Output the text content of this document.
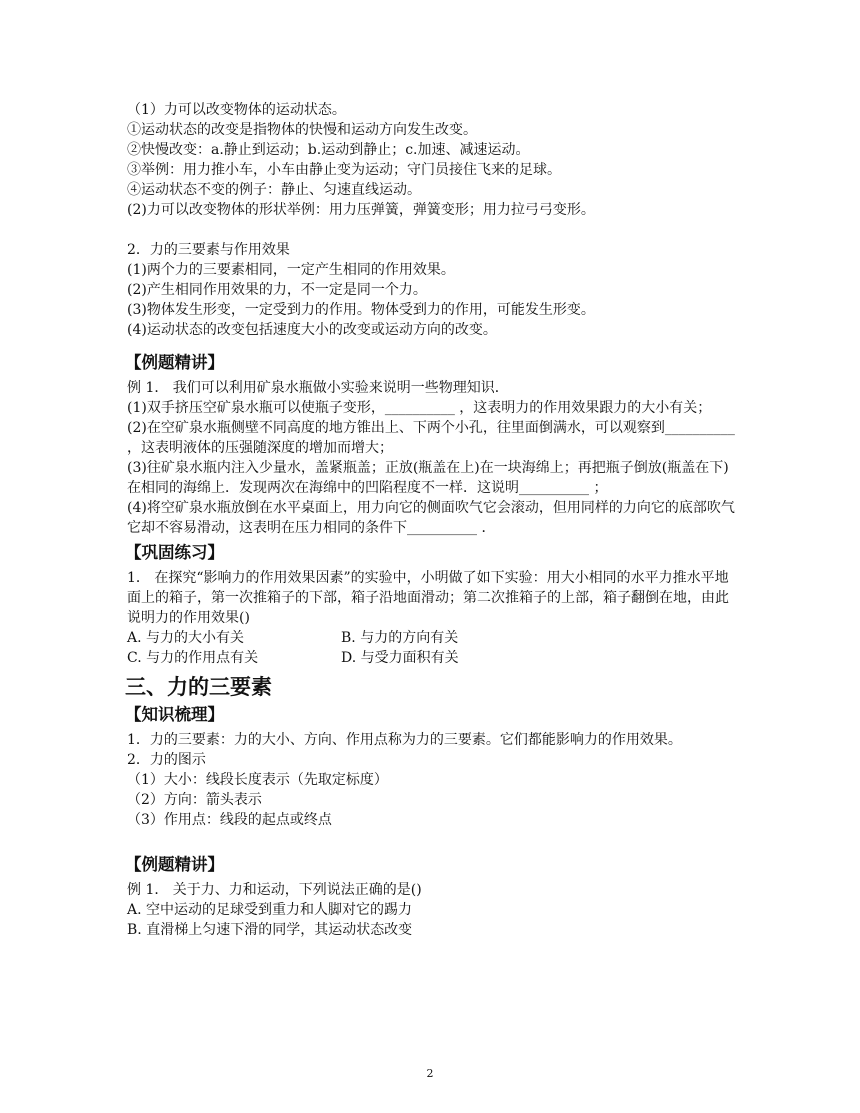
（1）力可以改变物体的运动状态。
①运动状态的改变是指物体的快慢和运动方向发生改变。
②快慢改变：a.静止到运动；b.运动到静止；c.加速、减速运动。
③举例：用力推小车，小车由静止变为运动；守门员接住飞来的足球。
④运动状态不变的例子：静止、匀速直线运动。
(2)力可以改变物体的形状举例：用力压弹簧，弹簧变形；用力拉弓弓变形。
2．力的三要素与作用效果
(1)两个力的三要素相同，一定产生相同的作用效果。
(2)产生相同作用效果的力，不一定是同一个力。
(3)物体发生形变，一定受到力的作用。物体受到力的作用，可能发生形变。
(4)运动状态的改变包括速度大小的改变或运动方向的改变。
【例题精讲】
例 1． 我们可以利用矿泉水瓶做小实验来说明一些物理知识．
(1)双手挤压空矿泉水瓶可以使瓶子变形，__________ ，这表明力的作用效果跟力的大小有关；
(2)在空矿泉水瓶侧壁不同高度的地方锥出上、下两个小孔，往里面倒满水，可以观察到__________ ，这表明液体的压强随深度的增加而增大；
(3)往矿泉水瓶内注入少量水，盖紧瓶盖；正放(瓶盖在上)在一块海绵上；再把瓶子倒放(瓶盖在下)在相同的海绵上．发现两次在海绵中的凹陷程度不一样．这说明__________ ；
(4)将空矿泉水瓶放倒在水平桌面上，用力向它的侧面吹气它会滚动，但用同样的力向它的底部吹气它却不容易滑动，这表明在压力相同的条件下__________ ．
【巩固练习】
1． 在探究“影响力的作用效果因素”的实验中，小明做了如下实验：用大小相同的水平力推水平地面上的箱子，第一次推箱子的下部，箱子沿地面滑动；第二次推箱子的上部，箱子翻倒在地，由此说明力的作用效果()
A. 与力的大小有关	B. 与力的方向有关
C. 与力的作用点有关	D. 与受力面积有关
三、力的三要素
【知识梳理】
1．力的三要素：力的大小、方向、作用点称为力的三要素。它们都能影响力的作用效果。
2．力的图示
（1）大小：线段长度表示（先取定标度）
（2）方向：箭头表示
（3）作用点：线段的起点或终点
【例题精讲】
例 1． 关于力、力和运动，下列说法正确的是()
A. 空中运动的足球受到重力和人脚对它的踢力
B. 直滑梯上匀速下滑的同学，其运动状态改变
2
